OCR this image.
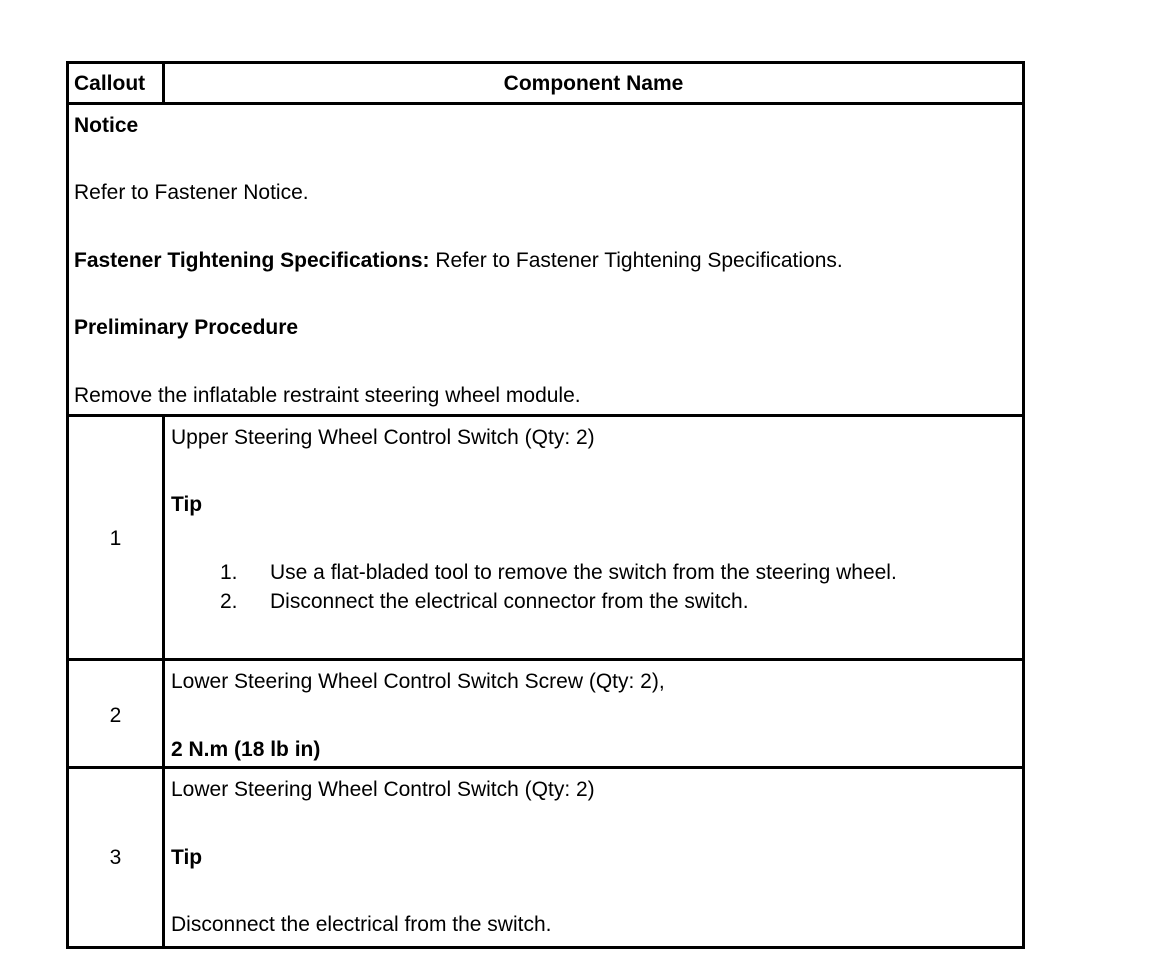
Callout	Component Name
Notice
Refer to Fastener Notice.
Fastener Tightening Specifications: Refer to Fastener Tightening Specifications.
Preliminary Procedure
Remove the inflatable restraint steering wheel module.
1
Upper Steering Wheel Control Switch (Qty: 2)
Tip
1. Use a flat-bladed tool to remove the switch from the steering wheel.
2. Disconnect the electrical connector from the switch.
2
Lower Steering Wheel Control Switch Screw (Qty: 2),
2 N.m (18 lb in)
3
Lower Steering Wheel Control Switch (Qty: 2)
Tip
Disconnect the electrical from the switch.
